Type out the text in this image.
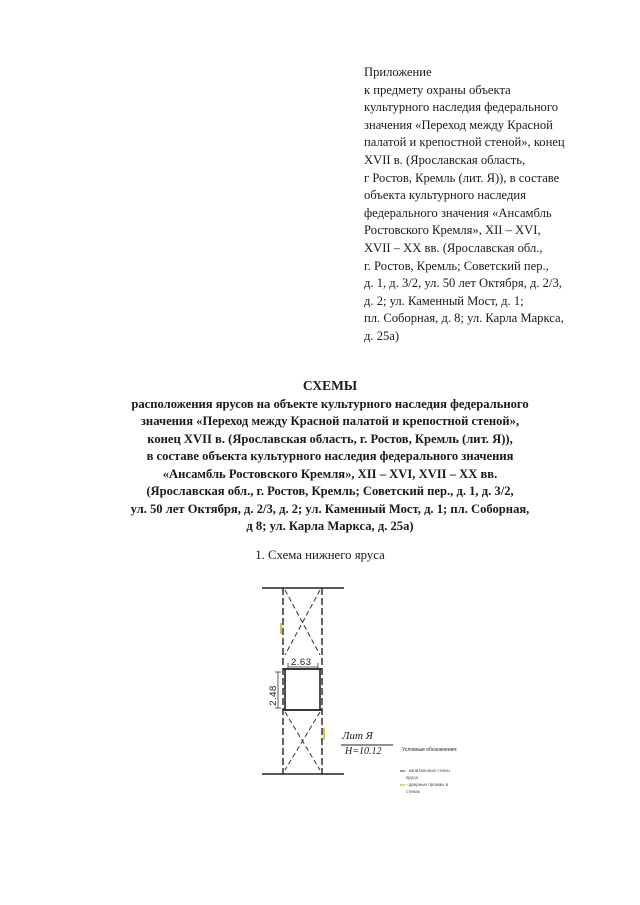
Приложение
к предмету охраны объекта
культурного наследия федерального
значения «Переход между Красной
палатой и крепостной стеной», конец
XVII в. (Ярославская область,
г Ростов, Кремль (лит. Я)), в составе
объекта культурного наследия
федерального значения «Ансамбль
Ростовского Кремля», XII – XVI,
XVII – XX вв. (Ярославская обл.,
г. Ростов, Кремль; Советский пер.,
д. 1, д. 3/2, ул. 50 лет Октября, д. 2/3,
д. 2; ул. Каменный Мост, д. 1;
пл. Соборная, д. 8; ул. Карла Маркса,
д. 25а)
СХЕМЫ
расположения ярусов на объекте культурного наследия федерального
значения «Переход между Красной палатой и крепостной стеной»,
конец XVII в. (Ярославская область, г. Ростов, Кремль (лит. Я)),
в составе объекта культурного наследия федерального значения
«Ансамбль Ростовского Кремля», XII – XVI, XVII – XX вв.
(Ярославская обл., г. Ростов, Кремль; Советский пер., д. 1, д. 3/2,
ул. 50 лет Октября, д. 2/3, д. 2; ул. Каменный Мост, д. 1; пл. Соборная,
д 8; ул. Карла Маркса, д. 25а)
1. Схема нижнего яруса
2.63
2.48
Лит Я
H=10.12	Условные обозначения:
- капитальные стены
яруса
- дверные проемы в
стенах
